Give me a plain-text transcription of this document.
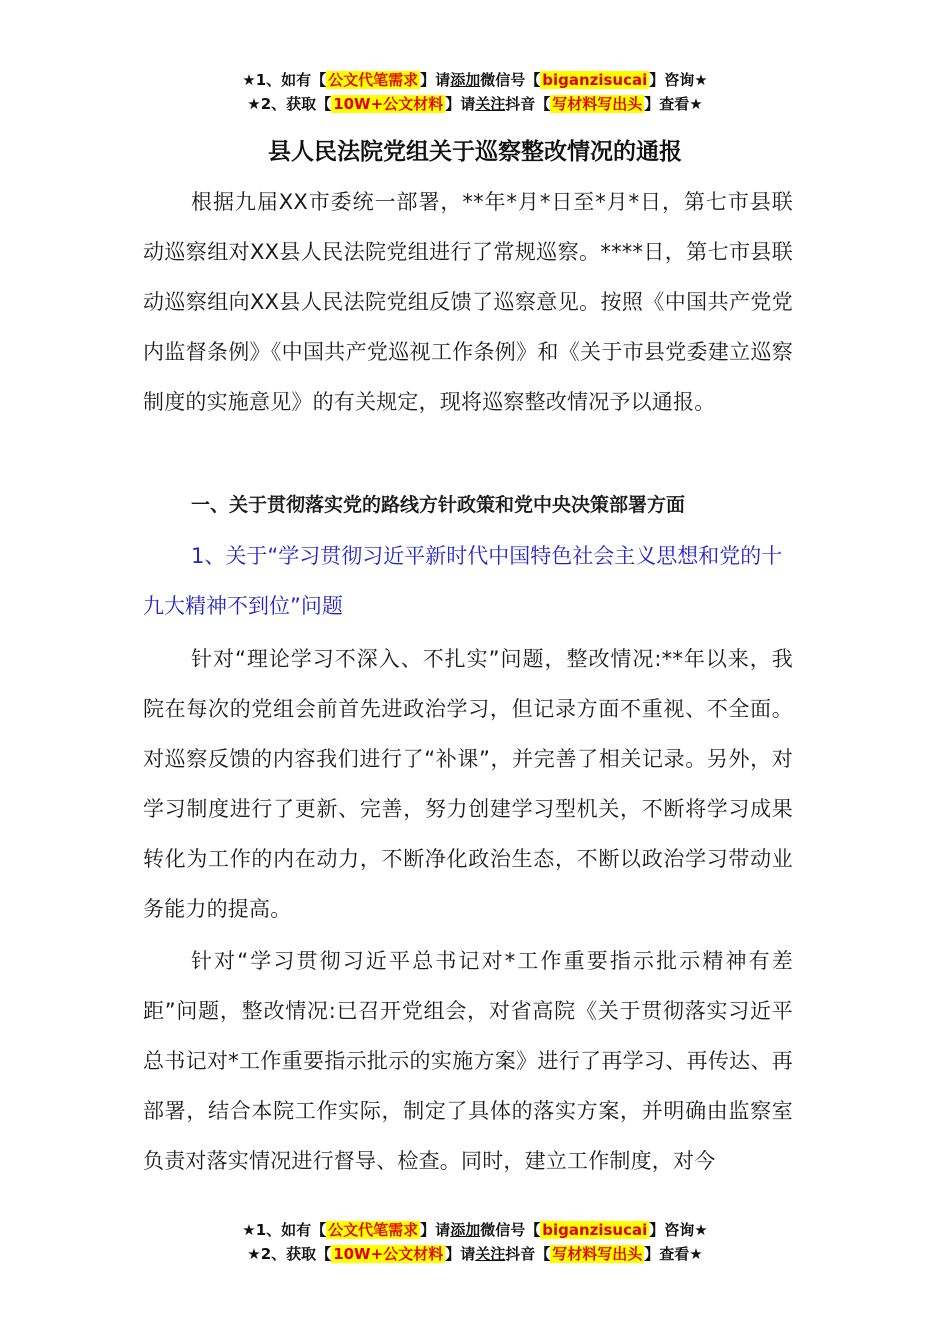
★1、如有【 公文代笔需求 】请添加微信号【 biganzisucai 】咨询★
★2、获取【 10W+公文材料 】请关注抖音【 写材料写出头 】查看★
县人民法院党组关于巡察整改情况的通报

根据九届XX市委统一部署，**年*月*日至*月*日，第七市县联动巡察组对XX县人民法院党组进行了常规巡察。****日，第七市县联动巡察组向XX县人民法院党组反馈了巡察意见。按照《中国共产党党内监督条例》《中国共产党巡视工作条例》和《关于市县党委建立巡察制度的实施意见》的有关规定，现将巡察整改情况予以通报。

一、关于贯彻落实党的路线方针政策和党中央决策部署方面

1、关于“学习贯彻习近平新时代中国特色社会主义思想和党的十九大精神不到位”问题

针对“理论学习不深入、不扎实”问题，整改情况:**年以来，我院在每次的党组会前首先进政治学习，但记录方面不重视、不全面。对巡察反馈的内容我们进行了“补课”，并完善了相关记录。另外，对学习制度进行了更新、完善，努力创建学习型机关，不断将学习成果转化为工作的内在动力，不断净化政治生态，不断以政治学习带动业务能力的提高。

针对“学习贯彻习近平总书记对*工作重要指示批示精神有差距”问题，整改情况:已召开党组会，对省高院《关于贯彻落实习近平总书记对*工作重要指示批示的实施方案》进行了再学习、再传达、再部署，结合本院工作实际，制定了具体的落实方案，并明确由监察室负责对落实情况进行督导、检查。同时，建立工作制度，对今

★1、如有【 公文代笔需求 】请添加微信号【 biganzisucai 】咨询★
★2、获取【 10W+公文材料 】请关注抖音【 写材料写出头 】查看★
